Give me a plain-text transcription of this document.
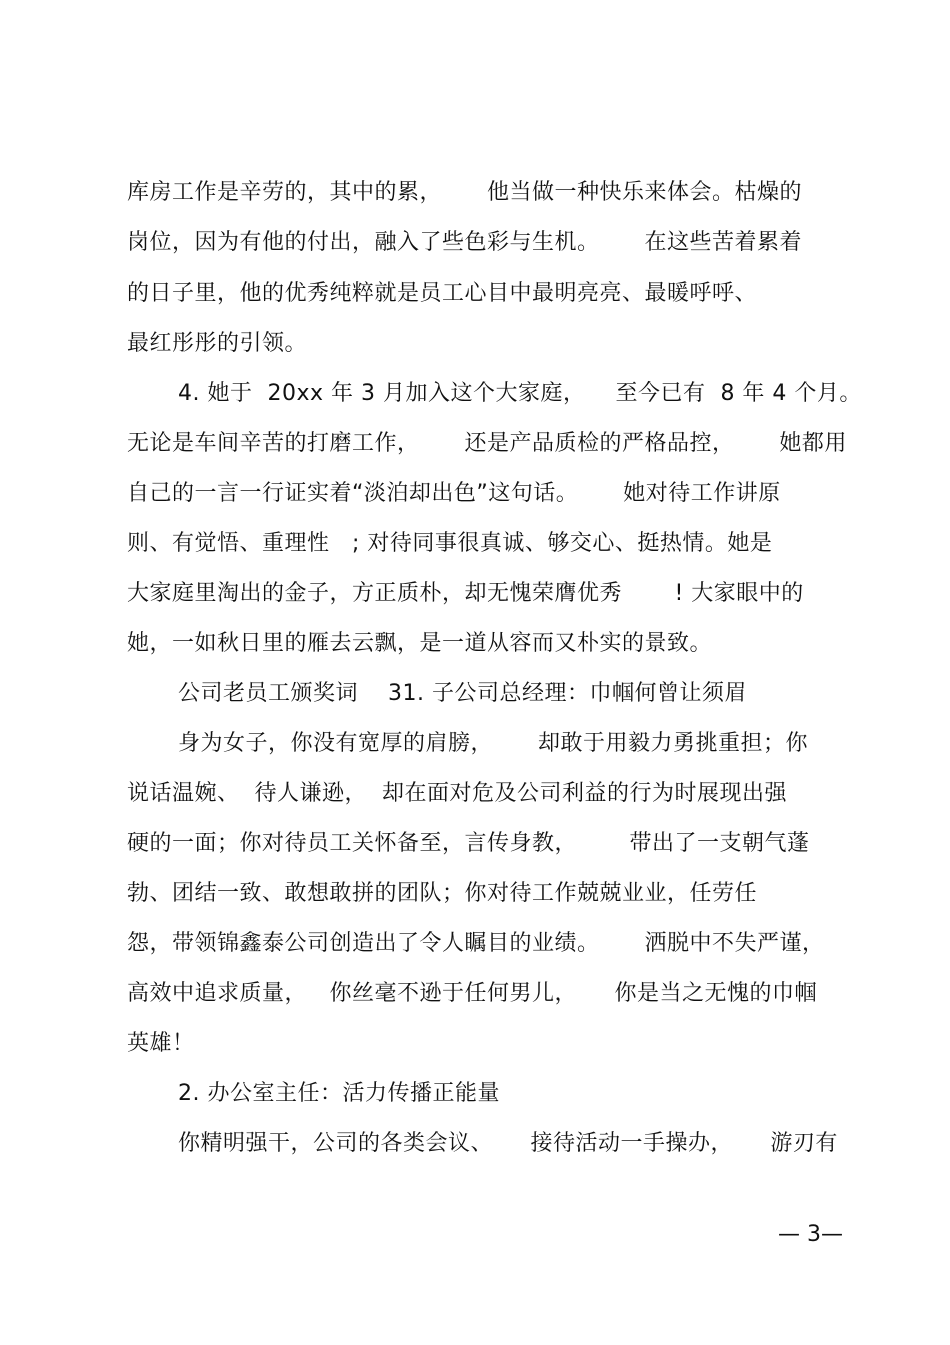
库房工作是辛劳的，其中的累，      他当做一种快乐来体会。枯燥的
岗位，因为有他的付出，融入了些色彩与生机。      在这些苦着累着
的日子里，他的优秀纯粹就是员工心目中最明亮亮、最暖呼呼、
最红彤彤的引领。
4. 她于  20xx 年 3 月加入这个大家庭，    至今已有  8 年 4 个月。
无论是车间辛苦的打磨工作，      还是产品质检的严格品控，      她都用
自己的一言一行证实着“淡泊却出色”这句话。      她对待工作讲原
则、有觉悟、重理性   ; 对待同事很真诚、够交心、挺热情。她是
大家庭里淘出的金子，方正质朴，却无愧荣膺优秀       ! 大家眼中的
她，一如秋日里的雁去云飘，是一道从容而又朴实的景致。
公司老员工颁奖词    31. 子公司总经理：巾帼何曾让须眉
身为女子，你没有宽厚的肩膀，      却敢于用毅力勇挑重担；你
说话温婉、  待人谦逊，  却在面对危及公司利益的行为时展现出强
硬的一面；你对待员工关怀备至，言传身教，       带出了一支朝气蓬
勃、团结一致、敢想敢拼的团队；你对待工作兢兢业业，任劳任
怨，带领锦鑫泰公司创造出了令人瞩目的业绩。      洒脱中不失严谨，
高效中追求质量，   你丝毫不逊于任何男儿，     你是当之无愧的巾帼
英雄！
2. 办公室主任：活力传播正能量
你精明强干，公司的各类会议、     接待活动一手操办，     游刃有
— 3—
